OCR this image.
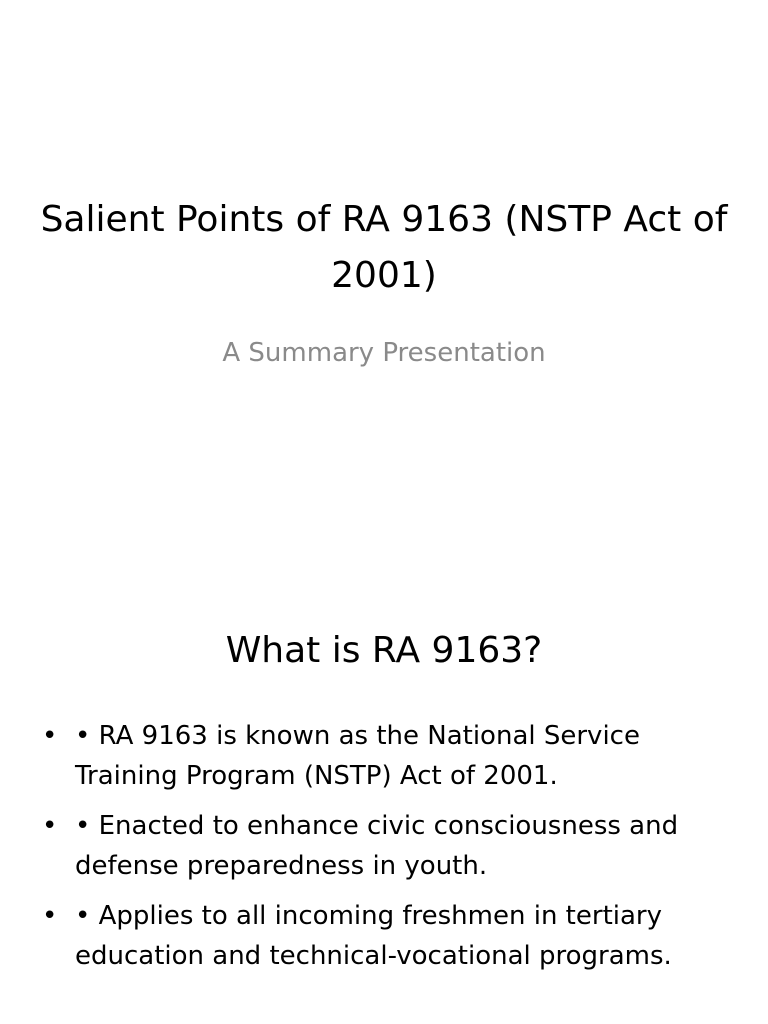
Salient Points of RA 9163 (NSTP Act of 2001)

A Summary Presentation

What is RA 9163?
• • RA 9163 is known as the National Service Training Program (NSTP) Act of 2001.
• • Enacted to enhance civic consciousness and defense preparedness in youth.
• • Applies to all incoming freshmen in tertiary education and technical-vocational programs.
